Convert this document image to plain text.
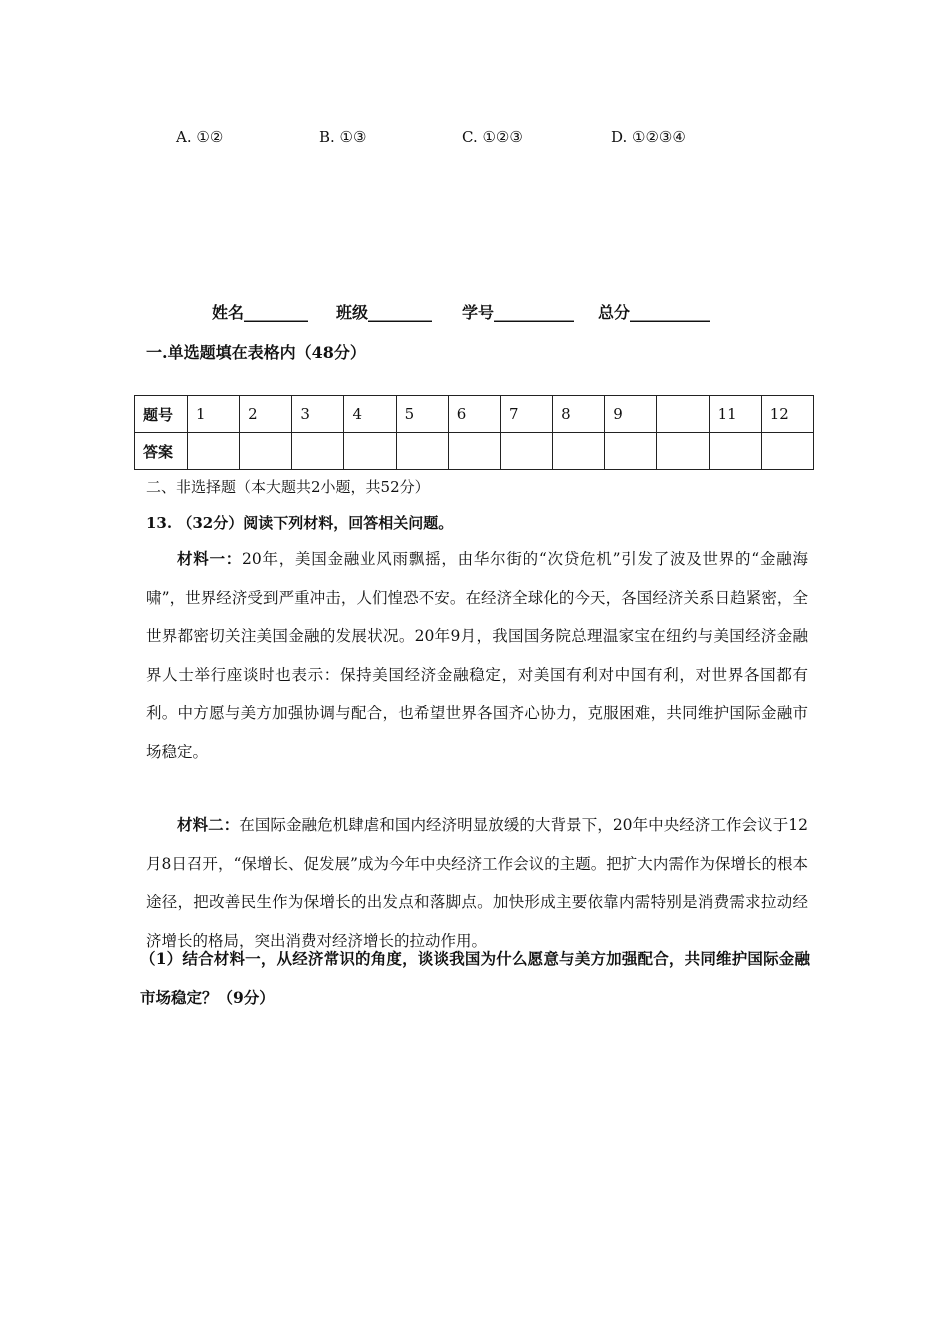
A. ①②	B. ①③	C. ①②③	D. ①②③④
姓名________ 班级________ 学号__________ 总分__________
一.单选题填在表格内（48分）
题号	1	2	3	4	5	6	7	8	9		11	12
答案												
二、非选择题（本大题共2小题，共52分）
13. （32分）阅读下列材料，回答相关问题。
材料一：20年，美国金融业风雨飘摇，由华尔街的“次贷危机”引发了波及世界的“金融海啸”，世界经济受到严重冲击，人们惶恐不安。在经济全球化的今天，各国经济关系日趋紧密，全世界都密切关注美国金融的发展状况。20年9月，我国国务院总理温家宝在纽约与美国经济金融界人士举行座谈时也表示：保持美国经济金融稳定，对美国有利对中国有利，对世界各国都有利。中方愿与美方加强协调与配合，也希望世界各国齐心协力，克服困难，共同维护国际金融市场稳定。
材料二：在国际金融危机肆虐和国内经济明显放缓的大背景下，20年中央经济工作会议于12月8日召开，“保增长、促发展”成为今年中央经济工作会议的主题。把扩大内需作为保增长的根本途径，把改善民生作为保增长的出发点和落脚点。加快形成主要依靠内需特别是消费需求拉动经济增长的格局，突出消费对经济增长的拉动作用。
（1）结合材料一，从经济常识的角度，谈谈我国为什么愿意与美方加强配合，共同维护国际金融市场稳定？（9分）
